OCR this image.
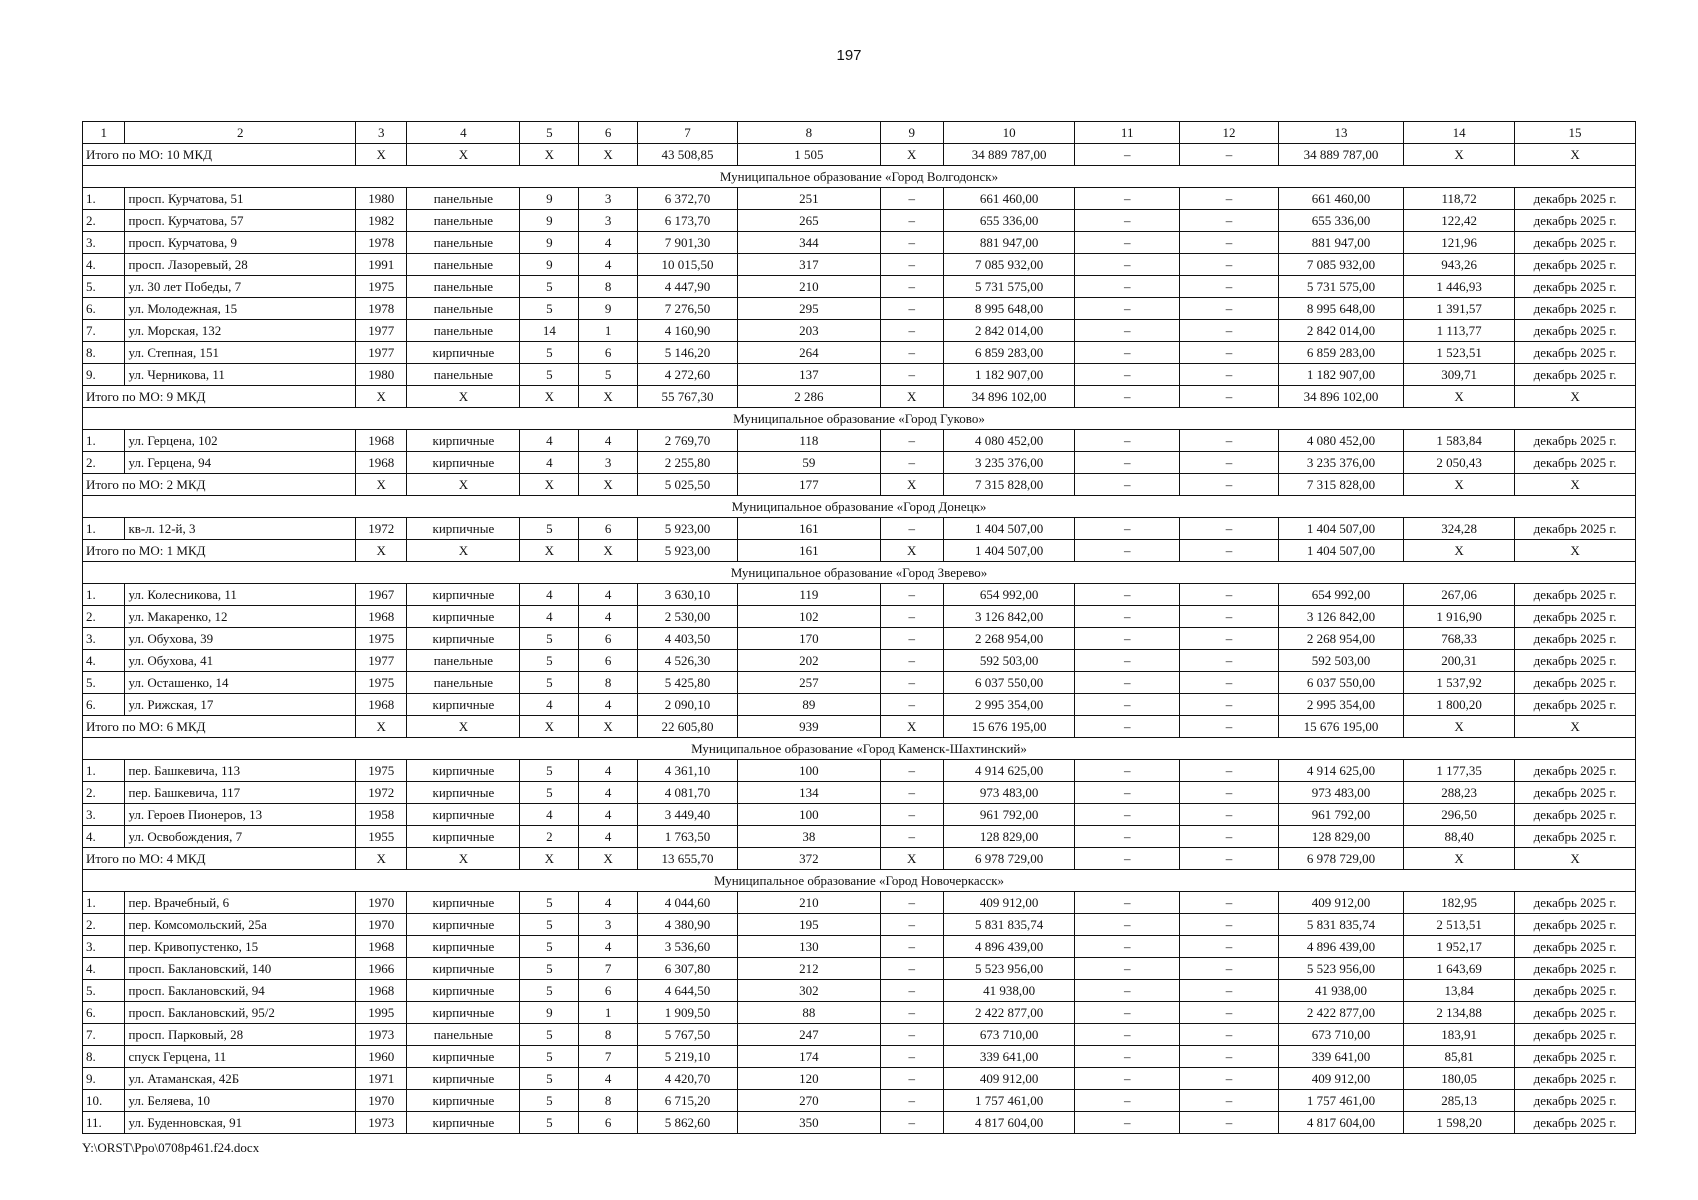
197
1	2	3	4	5	6	7	8	9	10	11	12	13	14	15
Итого по МО: 10 МКД		X	X	X	X	43 508,85	1 505	X	34 889 787,00	–	–	34 889 787,00	X	X
Муниципальное образование «Город Волгодонск»														
1.	просп. Курчатова, 51	1980	панельные	9	3	6 372,70	251	–	661 460,00	–	–	661 460,00	118,72	декабрь 2025 г.
2.	просп. Курчатова, 57	1982	панельные	9	3	6 173,70	265	–	655 336,00	–	–	655 336,00	122,42	декабрь 2025 г.
3.	просп. Курчатова, 9	1978	панельные	9	4	7 901,30	344	–	881 947,00	–	–	881 947,00	121,96	декабрь 2025 г.
4.	просп. Лазоревый, 28	1991	панельные	9	4	10 015,50	317	–	7 085 932,00	–	–	7 085 932,00	943,26	декабрь 2025 г.
5.	ул. 30 лет Победы, 7	1975	панельные	5	8	4 447,90	210	–	5 731 575,00	–	–	5 731 575,00	1 446,93	декабрь 2025 г.
6.	ул. Молодежная, 15	1978	панельные	5	9	7 276,50	295	–	8 995 648,00	–	–	8 995 648,00	1 391,57	декабрь 2025 г.
7.	ул. Морская, 132	1977	панельные	14	1	4 160,90	203	–	2 842 014,00	–	–	2 842 014,00	1 113,77	декабрь 2025 г.
8.	ул. Степная, 151	1977	кирпичные	5	6	5 146,20	264	–	6 859 283,00	–	–	6 859 283,00	1 523,51	декабрь 2025 г.
9.	ул. Черникова, 11	1980	панельные	5	5	4 272,60	137	–	1 182 907,00	–	–	1 182 907,00	309,71	декабрь 2025 г.
Итого по МО: 9 МКД		X	X	X	X	55 767,30	2 286	X	34 896 102,00	–	–	34 896 102,00	X	X
Муниципальное образование «Город Гуково»														
1.	ул. Герцена, 102	1968	кирпичные	4	4	2 769,70	118	–	4 080 452,00	–	–	4 080 452,00	1 583,84	декабрь 2025 г.
2.	ул. Герцена, 94	1968	кирпичные	4	3	2 255,80	59	–	3 235 376,00	–	–	3 235 376,00	2 050,43	декабрь 2025 г.
Итого по МО: 2 МКД		X	X	X	X	5 025,50	177	X	7 315 828,00	–	–	7 315 828,00	X	X
Муниципальное образование «Город Донецк»														
1.	кв-л. 12-й, 3	1972	кирпичные	5	6	5 923,00	161	–	1 404 507,00	–	–	1 404 507,00	324,28	декабрь 2025 г.
Итого по МО: 1 МКД		X	X	X	X	5 923,00	161	X	1 404 507,00	–	–	1 404 507,00	X	X
Муниципальное образование «Город Зверево»														
1.	ул. Колесникова, 11	1967	кирпичные	4	4	3 630,10	119	–	654 992,00	–	–	654 992,00	267,06	декабрь 2025 г.
2.	ул. Макаренко, 12	1968	кирпичные	4	4	2 530,00	102	–	3 126 842,00	–	–	3 126 842,00	1 916,90	декабрь 2025 г.
3.	ул. Обухова, 39	1975	кирпичные	5	6	4 403,50	170	–	2 268 954,00	–	–	2 268 954,00	768,33	декабрь 2025 г.
4.	ул. Обухова, 41	1977	панельные	5	6	4 526,30	202	–	592 503,00	–	–	592 503,00	200,31	декабрь 2025 г.
5.	ул. Осташенко, 14	1975	панельные	5	8	5 425,80	257	–	6 037 550,00	–	–	6 037 550,00	1 537,92	декабрь 2025 г.
6.	ул. Рижская, 17	1968	кирпичные	4	4	2 090,10	89	–	2 995 354,00	–	–	2 995 354,00	1 800,20	декабрь 2025 г.
Итого по МО: 6 МКД		X	X	X	X	22 605,80	939	X	15 676 195,00	–	–	15 676 195,00	X	X
Муниципальное образование «Город Каменск-Шахтинский»														
1.	пер. Башкевича, 113	1975	кирпичные	5	4	4 361,10	100	–	4 914 625,00	–	–	4 914 625,00	1 177,35	декабрь 2025 г.
2.	пер. Башкевича, 117	1972	кирпичные	5	4	4 081,70	134	–	973 483,00	–	–	973 483,00	288,23	декабрь 2025 г.
3.	ул. Героев Пионеров, 13	1958	кирпичные	4	4	3 449,40	100	–	961 792,00	–	–	961 792,00	296,50	декабрь 2025 г.
4.	ул. Освобождения, 7	1955	кирпичные	2	4	1 763,50	38	–	128 829,00	–	–	128 829,00	88,40	декабрь 2025 г.
Итого по МО: 4 МКД		X	X	X	X	13 655,70	372	X	6 978 729,00	–	–	6 978 729,00	X	X
Муниципальное образование «Город Новочеркасск»														
1.	пер. Врачебный, 6	1970	кирпичные	5	4	4 044,60	210	–	409 912,00	–	–	409 912,00	182,95	декабрь 2025 г.
2.	пер. Комсомольский, 25а	1970	кирпичные	5	3	4 380,90	195	–	5 831 835,74	–	–	5 831 835,74	2 513,51	декабрь 2025 г.
3.	пер. Кривопустенко, 15	1968	кирпичные	5	4	3 536,60	130	–	4 896 439,00	–	–	4 896 439,00	1 952,17	декабрь 2025 г.
4.	просп. Баклановский, 140	1966	кирпичные	5	7	6 307,80	212	–	5 523 956,00	–	–	5 523 956,00	1 643,69	декабрь 2025 г.
5.	просп. Баклановский, 94	1968	кирпичные	5	6	4 644,50	302	–	41 938,00	–	–	41 938,00	13,84	декабрь 2025 г.
6.	просп. Баклановский, 95/2	1995	кирпичные	9	1	1 909,50	88	–	2 422 877,00	–	–	2 422 877,00	2 134,88	декабрь 2025 г.
7.	просп. Парковый, 28	1973	панельные	5	8	5 767,50	247	–	673 710,00	–	–	673 710,00	183,91	декабрь 2025 г.
8.	спуск Герцена, 11	1960	кирпичные	5	7	5 219,10	174	–	339 641,00	–	–	339 641,00	85,81	декабрь 2025 г.
9.	ул. Атаманская, 42Б	1971	кирпичные	5	4	4 420,70	120	–	409 912,00	–	–	409 912,00	180,05	декабрь 2025 г.
10.	ул. Беляева, 10	1970	кирпичные	5	8	6 715,20	270	–	1 757 461,00	–	–	1 757 461,00	285,13	декабрь 2025 г.
11.	ул. Буденновская, 91	1973	кирпичные	5	6	5 862,60	350	–	4 817 604,00	–	–	4 817 604,00	1 598,20	декабрь 2025 г.
Y:\ORST\Ppo\0708p461.f24.docx
